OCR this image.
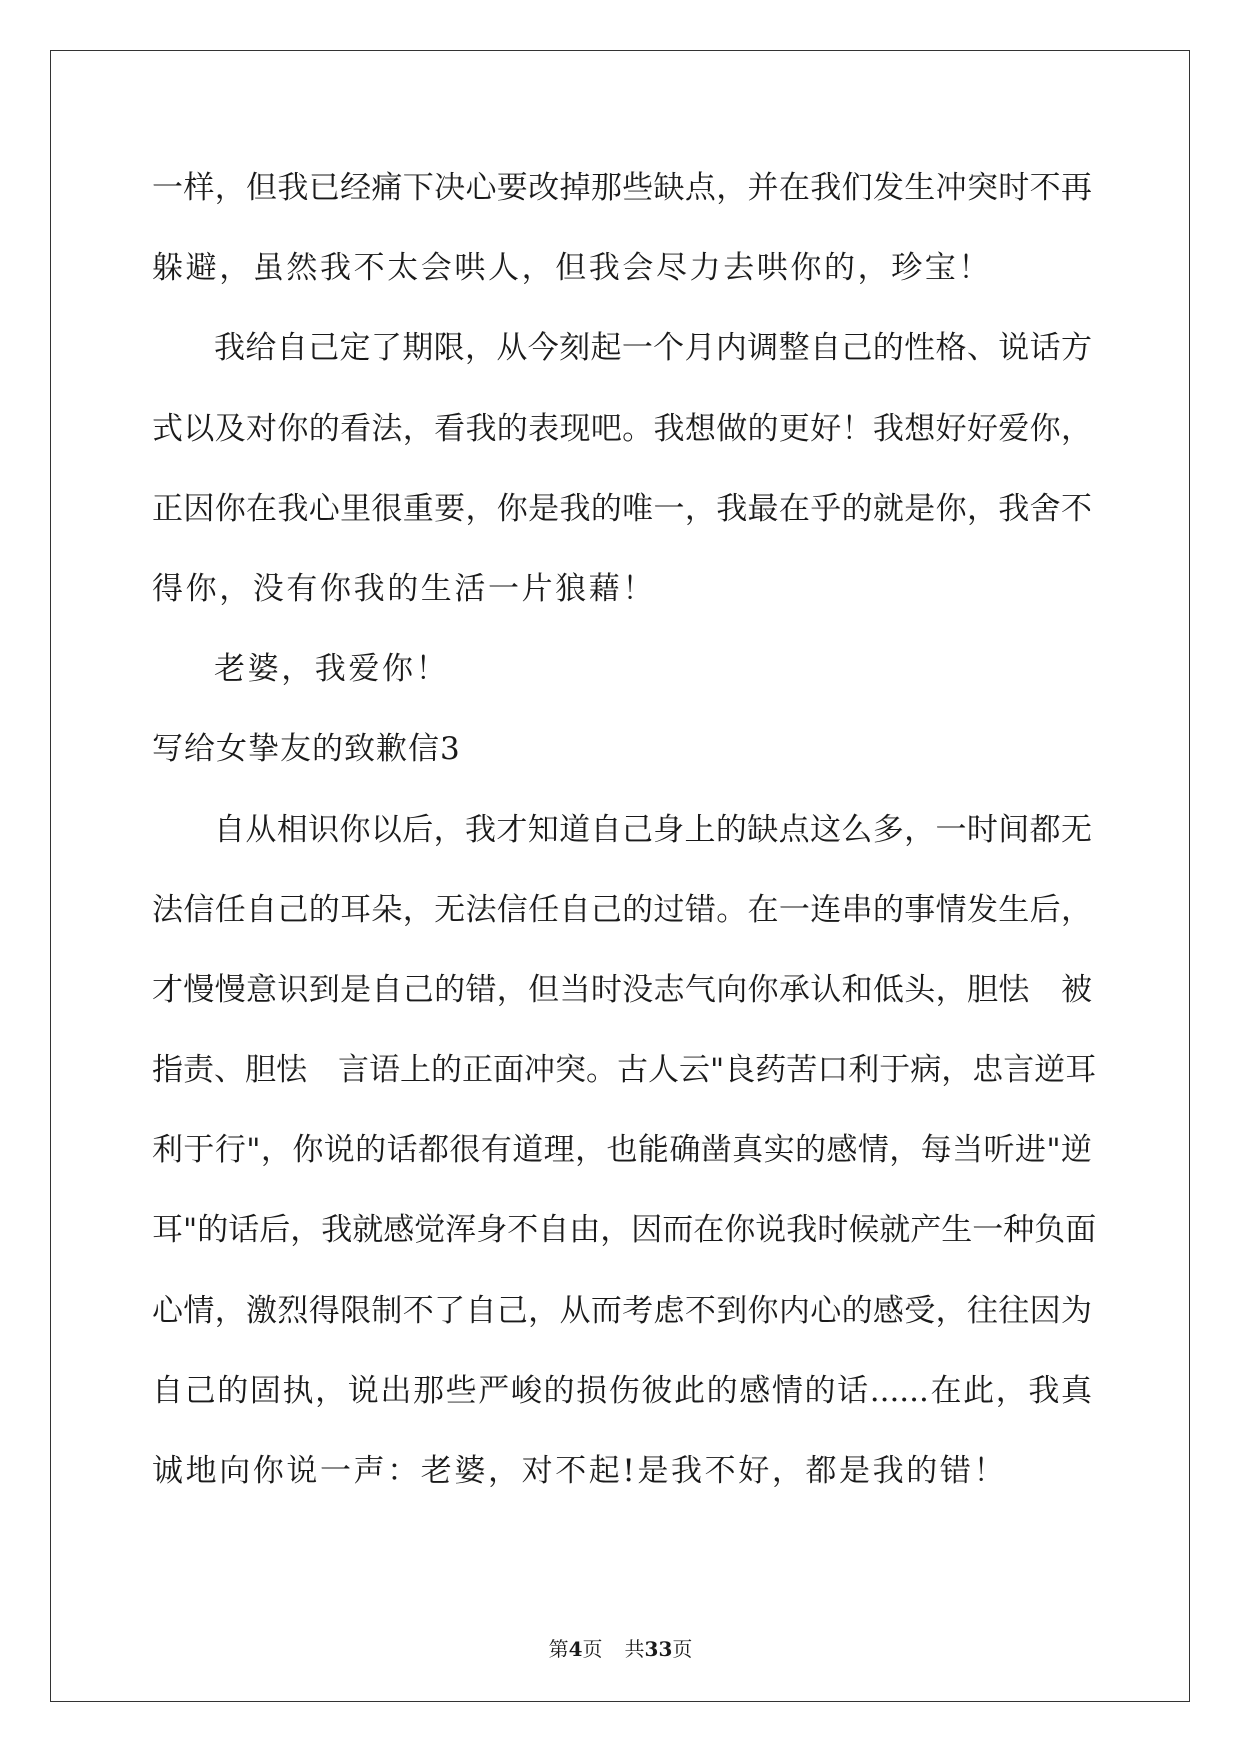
一样，但我已经痛下决心要改掉那些缺点，并在我们发生冲突时不再
躲避，虽然我不太会哄人，但我会尽力去哄你的，珍宝！
我给自己定了期限，从今刻起一个月内调整自己的性格、说话方
式以及对你的看法，看我的表现吧。我想做的更好！我想好好爱你，
正因你在我心里很重要，你是我的唯一，我最在乎的就是你，我舍不
得你，没有你我的生活一片狼藉！
老婆，我爱你！
写给女挚友的致歉信3
自从相识你以后，我才知道自己身上的缺点这么多，一时间都无
法信任自己的耳朵，无法信任自己的过错。在一连串的事情发生后，
才慢慢意识到是自己的错，但当时没志气向你承认和低头，胆怯　被
指责、胆怯　言语上的正面冲突。古人云"良药苦口利于病，忠言逆耳
利于行"，你说的话都很有道理，也能确凿真实的感情，每当听进"逆
耳"的话后，我就感觉浑身不自由，因而在你说我时候就产生一种负面
心情，激烈得限制不了自己，从而考虑不到你内心的感受，往往因为
自己的固执，说出那些严峻的损伤彼此的感情的话......在此，我真
诚地向你说一声：老婆，对不起!是我不好，都是我的错！
第4页 共33页
